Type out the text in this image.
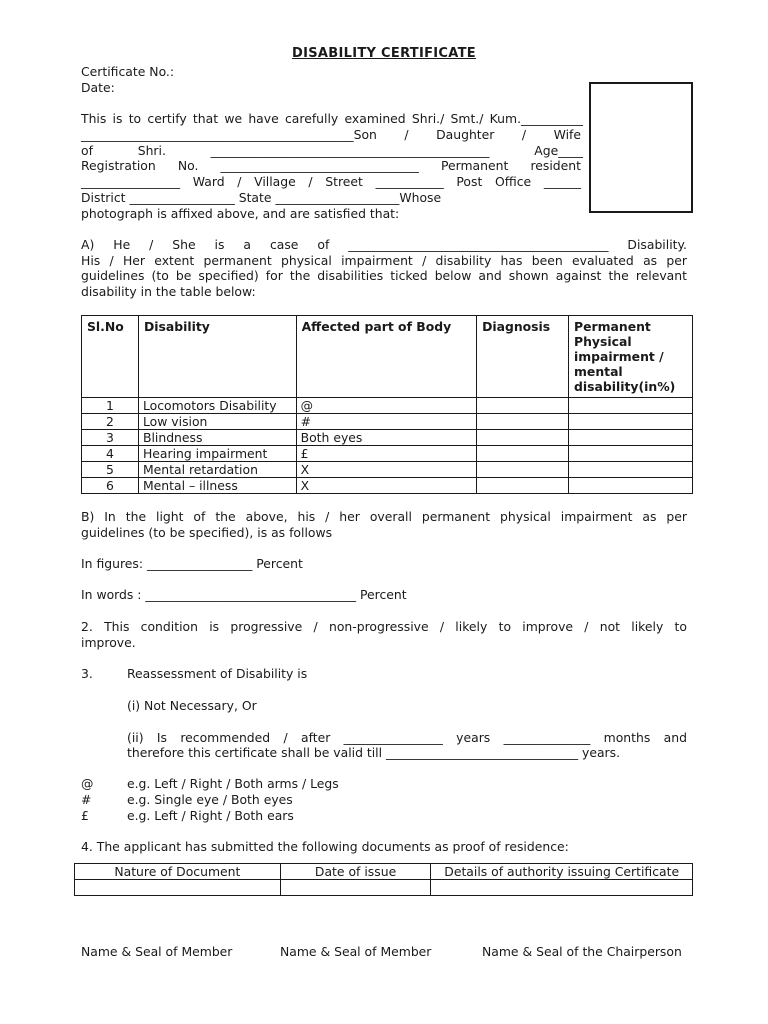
DISABILITY CERTIFICATE
Certificate No.:
Date:
This is to certify that we have carefully examined Shri./ Smt./ Kum.__________
____________________________________________Son / Daughter / Wife
of Shri. _____________________________________________ Age____
Registration No. ________________________________ Permanent resident
________________ Ward / Village / Street ___________ Post Office ______
District _________________ State ____________________Whose
photograph is affixed above, and are satisfied that:
A) He / She is a case of __________________________________________ Disability.
His / Her extent permanent physical impairment / disability has been evaluated as per
guidelines (to be specified) for the disabilities ticked below and shown against the relevant
disability in the table below:
Sl.No	Disability	Affected part of Body	Diagnosis	Permanent Physical impairment / mental disability(in%)
1	Locomotors Disability	@		
2	Low vision	#		
3	Blindness	Both eyes		
4	Hearing impairment	£		
5	Mental retardation	X		
6	Mental – illness	X		
B) In the light of the above, his / her overall permanent physical impairment as per
guidelines (to be specified), is as follows
In figures: _________________ Percent
In words : __________________________________ Percent
2. This condition is progressive / non-progressive / likely to improve / not likely to
improve.
3.	Reassessment of Disability is
(i) Not Necessary, Or
(ii) Is recommended / after ________________ years ______________ months and
therefore this certificate shall be valid till _______________________________ years.
@	e.g. Left / Right / Both arms / Legs
#	e.g. Single eye / Both eyes
£	e.g. Left / Right / Both ears
4. The applicant has submitted the following documents as proof of residence:
Nature of Document	Date of issue	Details of authority issuing Certificate

Name & Seal of Member	Name & Seal of Member	Name & Seal of the Chairperson
